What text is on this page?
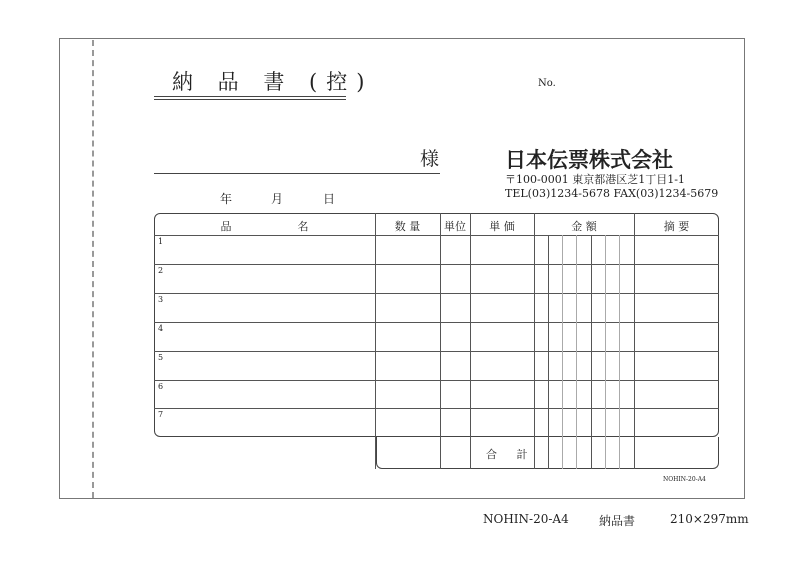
納 品 書 (控)	No.
様
年	月	日
日本伝票株式会社
〒100-0001 東京都港区芝1丁目1-1
TEL(03)1234-5678 FAX(03)1234-5679
品　　　　　　名	数 量	単位	単 価	金 額	摘 要
1
2
3
4
5
6
7
合 計
NOHIN-20-A4
NOHIN-20-A4	納品書	210×297mm
